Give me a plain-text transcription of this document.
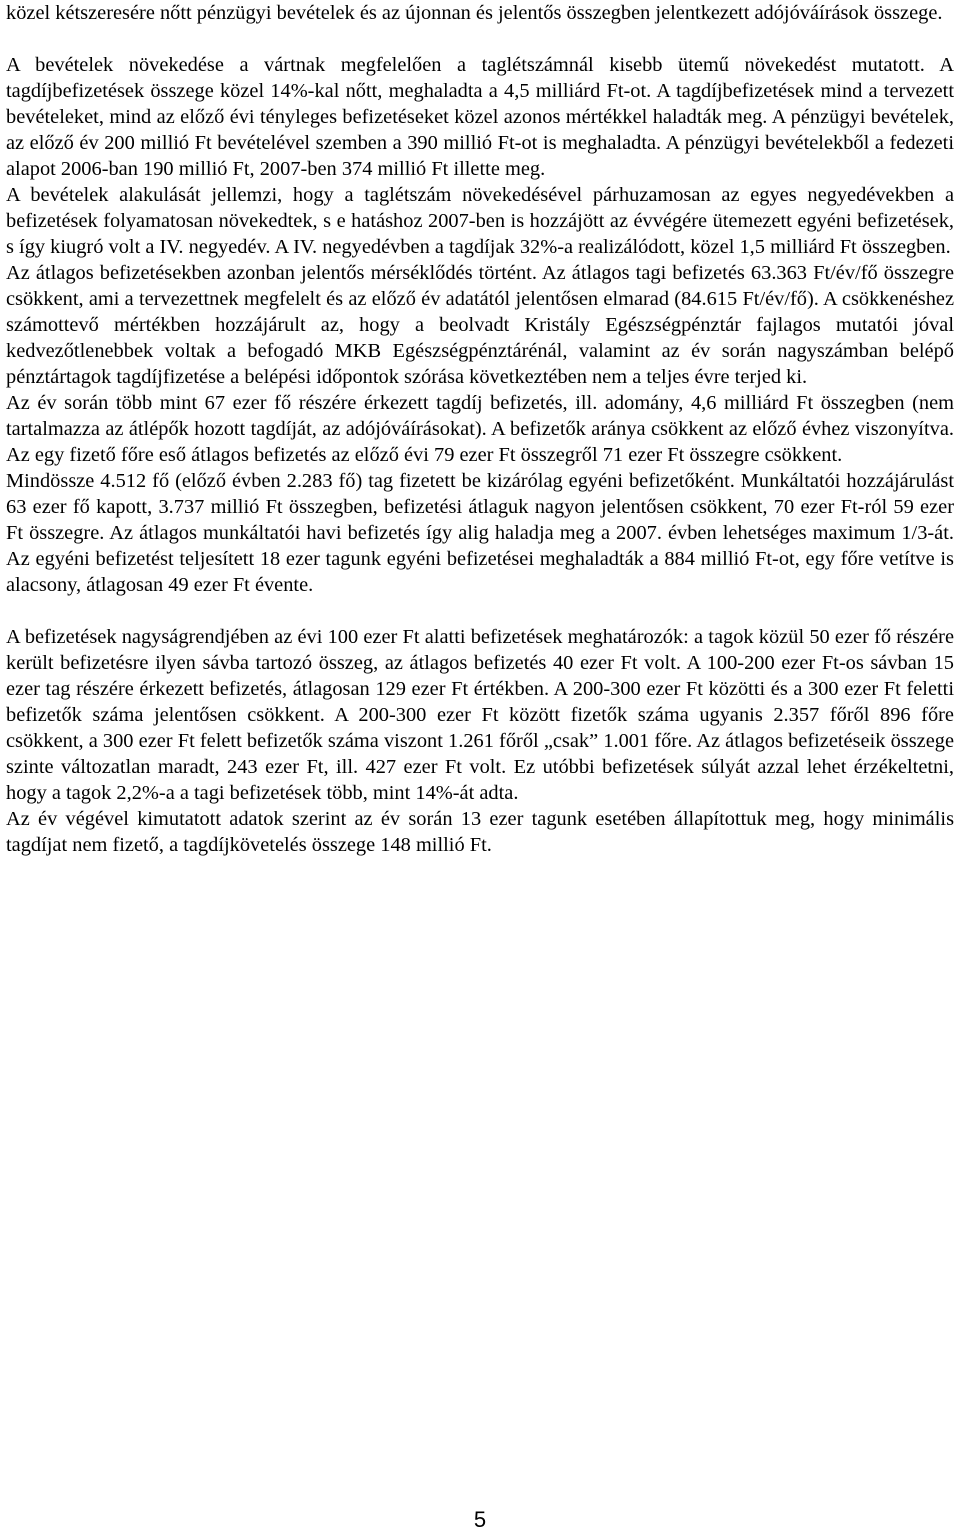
közel kétszeresére nőtt pénzügyi bevételek és az újonnan és jelentős összegben jelentkezett adójóváírások összege.

A bevételek növekedése a vártnak megfelelően a taglétszámnál kisebb ütemű növekedést mutatott. A tagdíjbefizetések összege közel 14%-kal nőtt, meghaladta a 4,5 milliárd Ft-ot. A tagdíjbefizetések mind a tervezett bevételeket, mind az előző évi tényleges befizetéseket közel azonos mértékkel haladták meg. A pénzügyi bevételek, az előző év 200 millió Ft bevételével szemben a 390 millió Ft-ot is meghaladta. A pénzügyi bevételekből a fedezeti alapot 2006-ban 190 millió Ft, 2007-ben 374 millió Ft illette meg.

A bevételek alakulását jellemzi, hogy a taglétszám növekedésével párhuzamosan az egyes negyedévekben a befizetések folyamatosan növekedtek, s e hatáshoz 2007-ben is hozzájött az évvégére ütemezett egyéni befizetések, s így kiugró volt a IV. negyedév. A IV. negyedévben a tagdíjak 32%-a realizálódott, közel 1,5 milliárd Ft összegben.

Az átlagos befizetésekben azonban jelentős mérséklődés történt. Az átlagos tagi befizetés 63.363 Ft/év/fő összegre csökkent, ami a tervezettnek megfelelt és az előző év adatától jelentősen elmarad (84.615 Ft/év/fő). A csökkenéshez számottevő mértékben hozzájárult az, hogy a beolvadt Kristály Egészségpénztár fajlagos mutatói jóval kedvezőtlenebbek voltak a befogadó MKB Egészségpénztárénál, valamint az év során nagyszámban belépő pénztártagok tagdíjfizetése a belépési időpontok szórása következtében nem a teljes évre terjed ki.

Az év során több mint 67 ezer fő részére érkezett tagdíj befizetés, ill. adomány, 4,6 milliárd Ft összegben (nem tartalmazza az átlépők hozott tagdíját, az adójóváírásokat). A befizetők aránya csökkent az előző évhez viszonyítva. Az egy fizető főre eső átlagos befizetés az előző évi 79 ezer Ft összegről 71 ezer Ft összegre csökkent.

Mindössze 4.512 fő (előző évben 2.283 fő) tag fizetett be kizárólag egyéni befizetőként. Munkáltatói hozzájárulást 63 ezer fő kapott, 3.737 millió Ft összegben, befizetési átlaguk nagyon jelentősen csökkent, 70 ezer Ft-ról 59 ezer Ft összegre. Az átlagos munkáltatói havi befizetés így alig haladja meg a 2007. évben lehetséges maximum 1/3-át. Az egyéni befizetést teljesített 18 ezer tagunk egyéni befizetései meghaladták a 884 millió Ft-ot, egy főre vetítve is alacsony, átlagosan 49 ezer Ft évente.

A befizetések nagyságrendjében az évi 100 ezer Ft alatti befizetések meghatározók: a tagok közül 50 ezer fő részére került befizetésre ilyen sávba tartozó összeg, az átlagos befizetés 40 ezer Ft volt. A 100-200 ezer Ft-os sávban 15 ezer tag részére érkezett befizetés, átlagosan 129 ezer Ft értékben. A 200-300 ezer Ft közötti és a 300 ezer Ft feletti befizetők száma jelentősen csökkent. A 200-300 ezer Ft között fizetők száma ugyanis 2.357 főről 896 főre csökkent, a 300 ezer Ft felett befizetők száma viszont 1.261 főről „csak” 1.001 főre. Az átlagos befizetéseik összege szinte változatlan maradt, 243 ezer Ft, ill. 427 ezer Ft volt. Ez utóbbi befizetések súlyát azzal lehet érzékeltetni, hogy a tagok 2,2%-a a tagi befizetések több, mint 14%-át adta.

Az év végével kimutatott adatok szerint az év során 13 ezer tagunk esetében állapítottuk meg, hogy minimális tagdíjat nem fizető, a tagdíjkövetelés összege 148 millió Ft.

5
